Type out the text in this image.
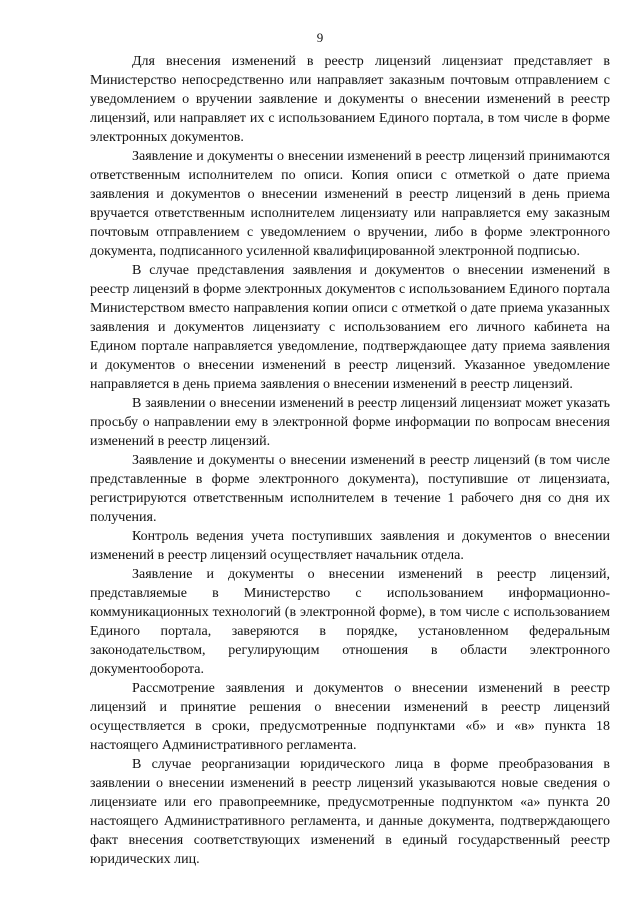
9

Для внесения изменений в реестр лицензий лицензиат представляет в Министерство непосредственно или направляет заказным почтовым отправлением с уведомлением о вручении заявление и документы о внесении изменений в реестр лицензий, или направляет их с использованием Единого портала, в том числе в форме электронных документов.

Заявление и документы о внесении изменений в реестр лицензий принимаются ответственным исполнителем по описи. Копия описи с отметкой о дате приема заявления и документов о внесении изменений в реестр лицензий в день приема вручается ответственным исполнителем лицензиату или направляется ему заказным почтовым отправлением с уведомлением о вручении, либо в форме электронного документа, подписанного усиленной квалифицированной электронной подписью.

В случае представления заявления и документов о внесении изменений в реестр лицензий в форме электронных документов с использованием Единого портала Министерством вместо направления копии описи с отметкой о дате приема указанных заявления и документов лицензиату с использованием его личного кабинета на Едином портале направляется уведомление, подтверждающее дату приема заявления и документов о внесении изменений в реестр лицензий. Указанное уведомление направляется в день приема заявления о внесении изменений в реестр лицензий.

В заявлении о внесении изменений в реестр лицензий лицензиат может указать просьбу о направлении ему в электронной форме информации по вопросам внесения изменений в реестр лицензий.

Заявление и документы о внесении изменений в реестр лицензий (в том числе представленные в форме электронного документа), поступившие от лицензиата, регистрируются ответственным исполнителем в течение 1 рабочего дня со дня их получения.

Контроль ведения учета поступивших заявления и документов о внесении изменений в реестр лицензий осуществляет начальник отдела.

Заявление и документы о внесении изменений в реестр лицензий, представляемые в Министерство с использованием информационно-коммуникационных технологий (в электронной форме), в том числе с использованием Единого портала, заверяются в порядке, установленном федеральным законодательством, регулирующим отношения в области электронного документооборота.

Рассмотрение заявления и документов о внесении изменений в реестр лицензий и принятие решения о внесении изменений в реестр лицензий осуществляется в сроки, предусмотренные подпунктами «б» и «в» пункта 18 настоящего Административного регламента.

В случае реорганизации юридического лица в форме преобразования в заявлении о внесении изменений в реестр лицензий указываются новые сведения о лицензиате или его правопреемнике, предусмотренные подпунктом «а» пункта 20 настоящего Административного регламента, и данные документа, подтверждающего факт внесения соответствующих изменений в единый государственный реестр юридических лиц.
